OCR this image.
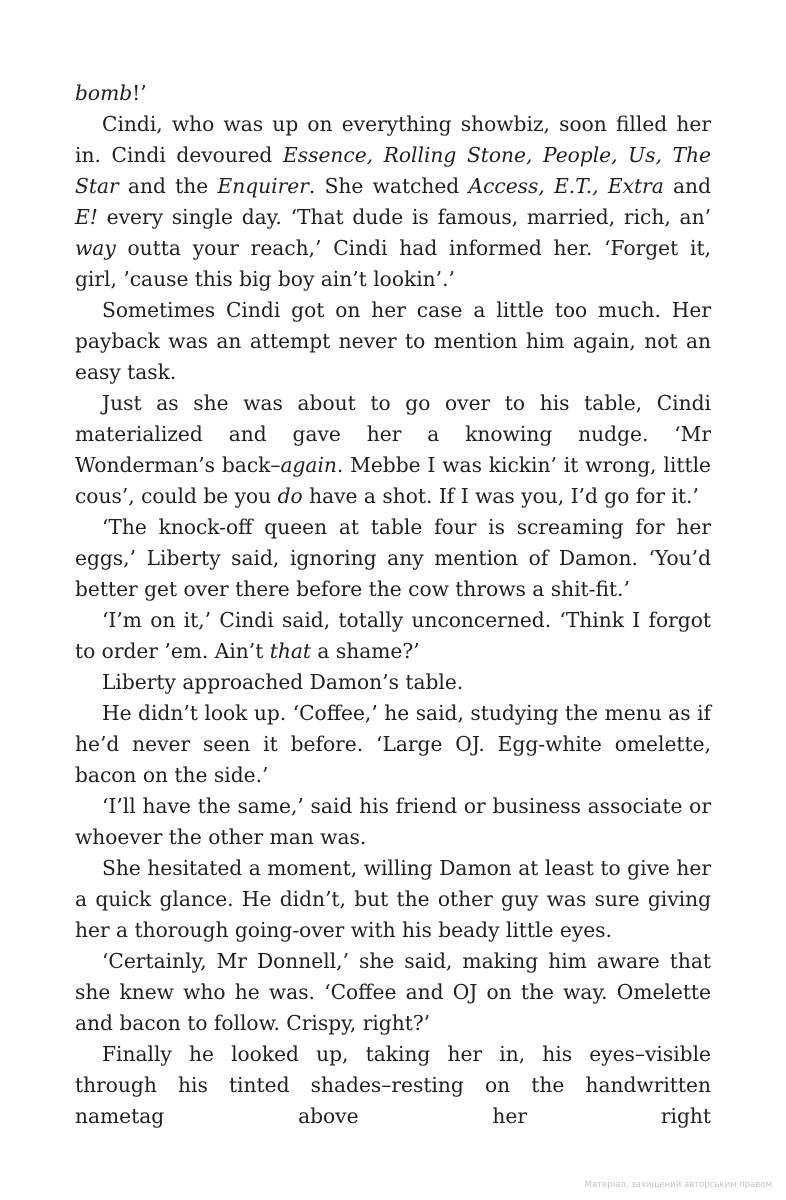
bomb!’

Cindi, who was up on everything showbiz, soon filled her in. Cindi devoured Essence, Rolling Stone, People, Us, The Star and the Enquirer. She watched Access, E.T., Extra and E! every single day. ‘That dude is famous, married, rich, an’ way outta your reach,’ Cindi had informed her. ‘Forget it, girl, ’cause this big boy ain’t lookin’.’

Sometimes Cindi got on her case a little too much. Her payback was an attempt never to mention him again, not an easy task.

Just as she was about to go over to his table, Cindi materialized and gave her a knowing nudge. ‘Mr Wonderman’s back–again. Mebbe I was kickin’ it wrong, little cous’, could be you do have a shot. If I was you, I’d go for it.’

‘The knock-off queen at table four is screaming for her eggs,’ Liberty said, ignoring any mention of Damon. ‘You’d better get over there before the cow throws a shit-fit.’

‘I’m on it,’ Cindi said, totally unconcerned. ‘Think I forgot to order ’em. Ain’t that a shame?’

Liberty approached Damon’s table.

He didn’t look up. ‘Coffee,’ he said, studying the menu as if he’d never seen it before. ‘Large OJ. Egg-white omelette, bacon on the side.’

‘I’ll have the same,’ said his friend or business associate or whoever the other man was.

She hesitated a moment, willing Damon at least to give her a quick glance. He didn’t, but the other guy was sure giving her a thorough going-over with his beady little eyes.

‘Certainly, Mr Donnell,’ she said, making him aware that she knew who he was. ‘Coffee and OJ on the way. Omelette and bacon to follow. Crispy, right?’

Finally he looked up, taking her in, his eyes–visible through his tinted shades–resting on the handwritten nametag above her right

Матеріал, захищений авторським правом
